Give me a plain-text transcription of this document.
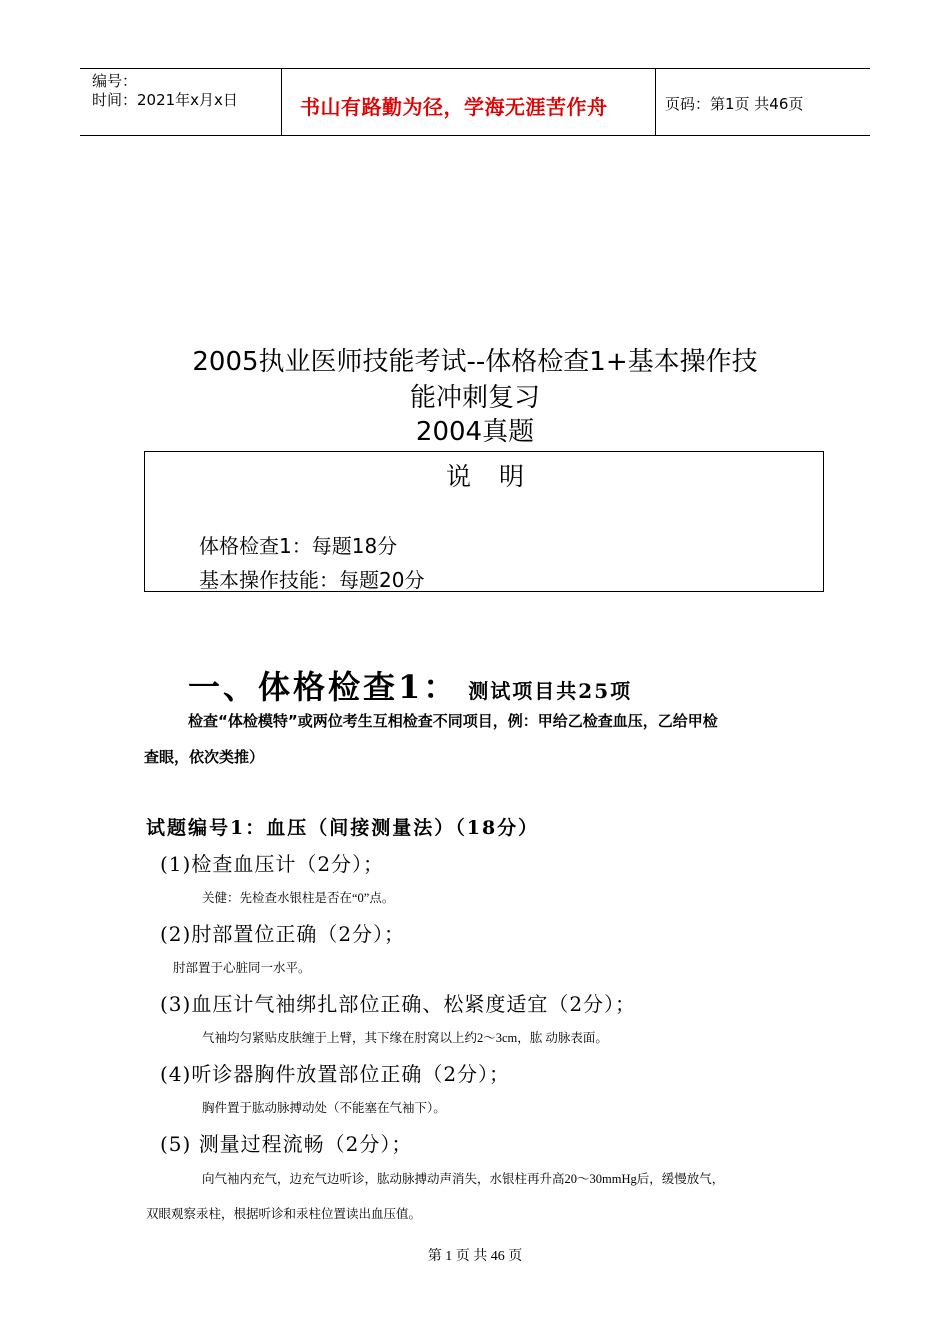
编号：
时间：2021年x月x日	书山有路勤为径，学海无涯苦作舟	页码：第1页 共46页
2005执业医师技能考试--体格检查1+基本操作技
能冲刺复习
2004真题
说明
体格检查1：每题18分
基本操作技能：每题20分
一、体格检查1： 测试项目共25项
检查“体检模特”或两位考生互相检查不同项目，例：甲给乙检查血压，乙给甲检
查眼，依次类推）
试题编号1：血压（间接测量法）（18分）
(1)检查血压计（2分）；
关健：先检查水银柱是否在“0”点。
(2)肘部置位正确（2分）；
肘部置于心脏同一水平。
(3)血压计气袖绑扎部位正确、松紧度适宜（2分）；
气袖均匀紧贴皮肤缠于上臂，其下缘在肘窝以上约2～3cm，肱 动脉表面。
(4)听诊器胸件放置部位正确（2分）；
胸件置于肱动脉搏动处（不能塞在气袖下）。
(5) 测量过程流畅（2分）；
向气袖内充气，边充气边听诊，肱动脉搏动声消失，水银柱再升高20～30mmHg后，缓慢放气，
双眼观察汞柱，根据听诊和汞柱位置读出血压值。
第 1 页 共 46 页
